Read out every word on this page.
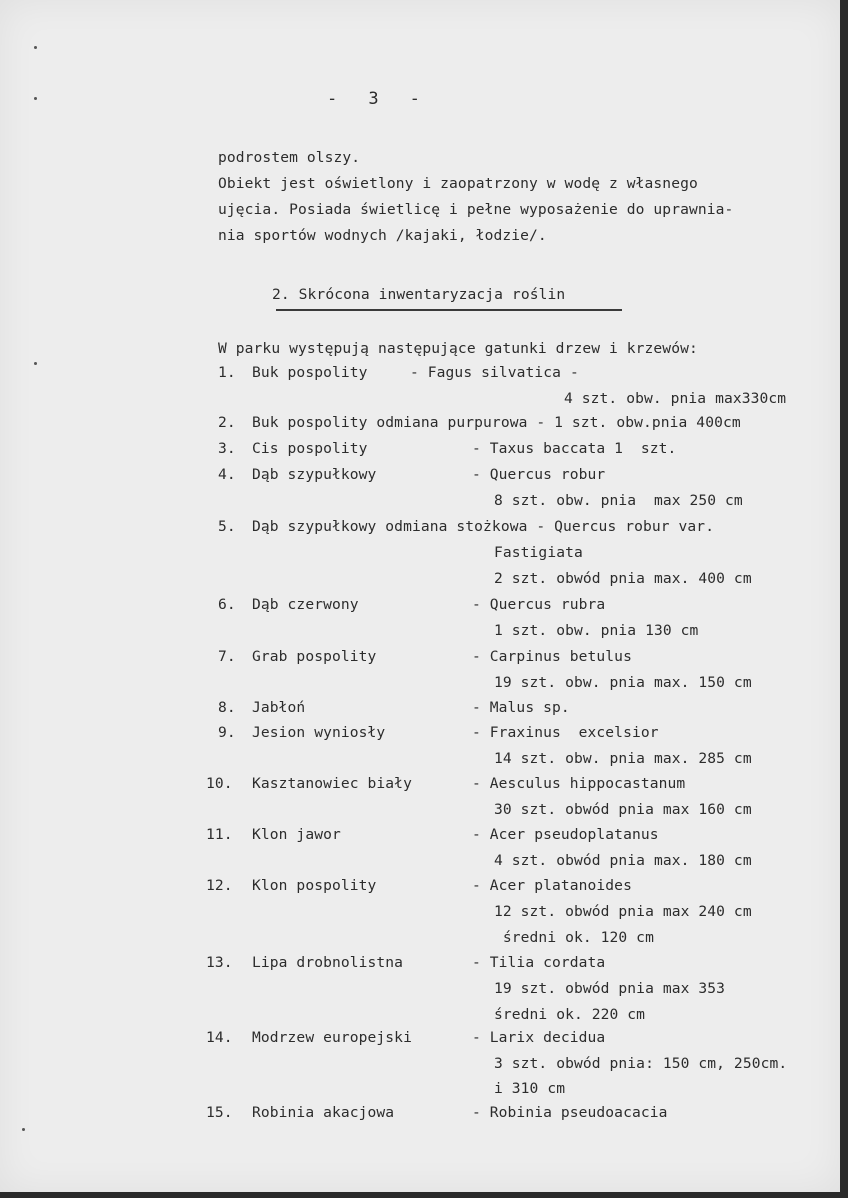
-   3   -
podrostem olszy.
Obiekt jest oświetlony i zaopatrzony w wodę z własnego
ujęcia. Posiada świetlicę i pełne wyposażenie do uprawnia-
nia sportów wodnych /kajaki, łodzie/.
2. Skrócona inwentaryzacja roślin
W parku występują następujące gatunki drzew i krzewów:
1. Buk pospolity	- Fagus silvatica -
4 szt. obw. pnia max330cm
2. Buk pospolity odmiana purpurowa - 1 szt. obw.pnia 400cm
3. Cis pospolity	- Taxus baccata 1  szt.
4. Dąb szypułkowy	- Quercus robur
8 szt. obw. pnia  max 250 cm
5. Dąb szypułkowy odmiana stożkowa - Quercus robur var.
Fastigiata
2 szt. obwód pnia max. 400 cm
6. Dąb czerwony	- Quercus rubra
1 szt. obw. pnia 130 cm
7. Grab pospolity	- Carpinus betulus
19 szt. obw. pnia max. 150 cm
8. Jabłoń	- Malus sp.
9. Jesion wyniosły	- Fraxinus  excelsior
14 szt. obw. pnia max. 285 cm
10. Kasztanowiec biały	- Aesculus hippocastanum
30 szt. obwód pnia max 160 cm
11. Klon jawor	- Acer pseudoplatanus
4 szt. obwód pnia max. 180 cm
12. Klon pospolity	- Acer platanoides
12 szt. obwód pnia max 240 cm
średni ok. 120 cm
13. Lipa drobnolistna	- Tilia cordata
19 szt. obwód pnia max 353
średni ok. 220 cm
14. Modrzew europejski	- Larix decidua
3 szt. obwód pnia: 150 cm, 250cm.
i 310 cm
15. Robinia akacjowa	- Robinia pseudoacacia
